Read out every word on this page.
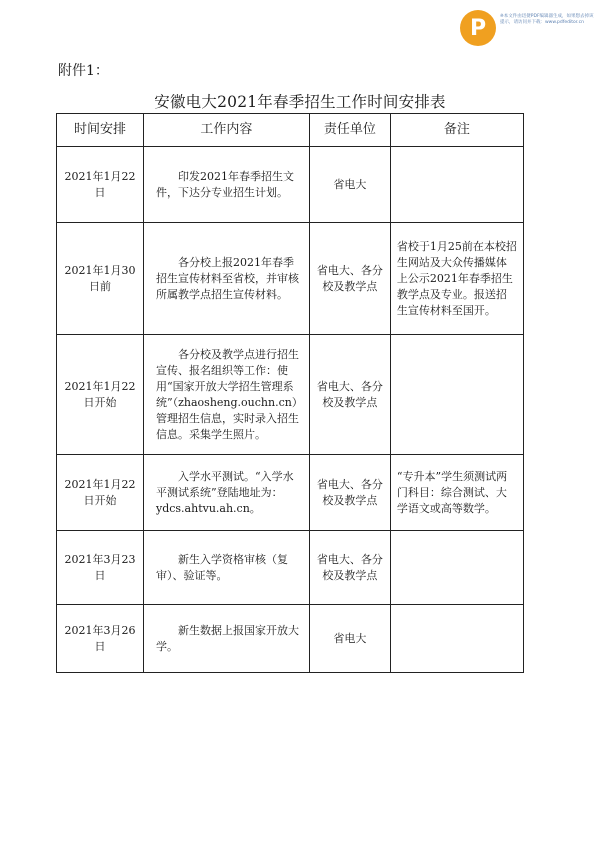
P	※本文件由迅捷PDF编辑器生成，如果想去掉该提示，请访问并下载：www.pdfeditor.cn
附件1：
安徽电大2021年春季招生工作时间安排表
时间安排	工作内容	责任单位	备注
2021年1月22日	印发2021年春季招生文件，下达分专业招生计划。	省电大	
2021年1月30日前	各分校上报2021年春季招生宣传材料至省校，并审核所属教学点招生宣传材料。	省电大、各分校及教学点	省校于1月25前在本校招生网站及大众传播媒体上公示2021年春季招生教学点及专业。报送招生宣传材料至国开。
2021年1月22日开始	各分校及教学点进行招生宣传、报名组织等工作：使用“国家开放大学招生管理系统”（zhaosheng.ouchn.cn）管理招生信息，实时录入招生信息。采集学生照片。	省电大、各分校及教学点	
2021年1月22日开始	入学水平测试。“入学水平测试系统”登陆地址为：ydcs.ahtvu.ah.cn。	省电大、各分校及教学点	“专升本”学生须测试两门科目：综合测试、大学语文或高等数学。
2021年3月23日	新生入学资格审核（复审）、验证等。	省电大、各分校及教学点	
2021年3月26日	新生数据上报国家开放大学。	省电大	
